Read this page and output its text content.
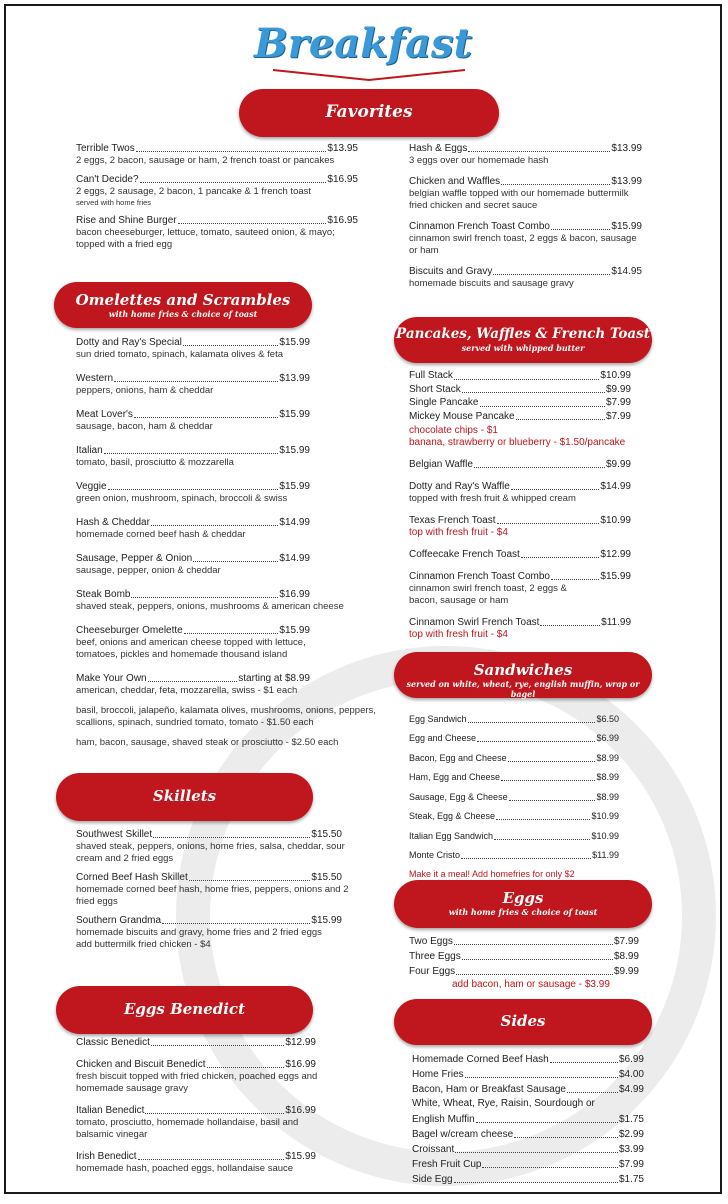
Breakfast
Favorites
Terrible Twos	$13.95
2 eggs, 2 bacon, sausage or ham, 2 french toast or pancakes
Can't Decide?	$16.95
2 eggs, 2 sausage, 2 bacon, 1 pancake & 1 french toast
served with home fries
Rise and Shine Burger	$16.95
bacon cheeseburger, lettuce, tomato, sauteed onion, & mayo; topped with a fried egg
Hash & Eggs	$13.99
3 eggs over our homemade hash
Chicken and Waffles	$13.99
belgian waffle topped with our homemade buttermilk fried chicken and secret sauce
Cinnamon French Toast Combo	$15.99
cinnamon swirl french toast, 2 eggs & bacon, sausage or ham
Biscuits and Gravy	$14.95
homemade biscuits and sausage gravy
Omelettes and Scrambles
with home fries & choice of toast
Dotty and Ray's Special	$15.99
sun dried tomato, spinach, kalamata olives & feta
Western	$13.99
peppers, onions, ham & cheddar
Meat Lover's	$15.99
sausage, bacon, ham & cheddar
Italian	$15.99
tomato, basil, prosciutto & mozzarella
Veggie	$15.99
green onion, mushroom, spinach, broccoli & swiss
Hash & Cheddar	$14.99
homemade corned beef hash & cheddar
Sausage, Pepper & Onion	$14.99
sausage, pepper, onion & cheddar
Steak Bomb	$16.99
shaved steak, peppers, onions, mushrooms & american cheese
Cheeseburger Omelette	$15.99
beef, onions and american cheese topped with lettuce, tomatoes, pickles and homemade thousand island
Make Your Own	starting at $8.99
american, cheddar, feta, mozzarella, swiss - $1 each
basil, broccoli, jalapeño, kalamata olives, mushrooms, onions, peppers, scallions, spinach, sundried tomato, tomato - $1.50 each
ham, bacon, sausage, shaved steak or prosciutto - $2.50 each
Skillets
Southwest Skillet	$15.50
shaved steak, peppers, onions, home fries, salsa, cheddar, sour cream and 2 fried eggs
Corned Beef Hash Skillet	$15.50
homemade corned beef hash, home fries, peppers, onions and 2 fried eggs
Southern Grandma	$15.99
homemade biscuits and gravy, home fries and 2 fried eggs
add buttermilk fried chicken - $4
Eggs Benedict
Classic Benedict	$12.99
Chicken and Biscuit Benedict	$16.99
fresh biscuit topped with fried chicken, poached eggs and homemade sausage gravy
Italian Benedict	$16.99
tomato, prosciutto, homemade hollandaise, basil and balsamic vinegar
Irish Benedict	$15.99
homemade hash, poached eggs, hollandaise sauce
Pancakes, Waffles & French Toast
served with whipped butter
Full Stack	$10.99
Short Stack	$9.99
Single Pancake	$7.99
Mickey Mouse Pancake	$7.99
chocolate chips - $1
banana, strawberry or blueberry - $1.50/pancake
Belgian Waffle	$9.99
Dotty and Ray's Waffle	$14.99
topped with fresh fruit & whipped cream
Texas French Toast	$10.99
top with fresh fruit - $4
Coffeecake French Toast	$12.99
Cinnamon French Toast Combo	$15.99
cinnamon swirl french toast, 2 eggs & bacon, sausage or ham
Cinnamon Swirl French Toast	$11.99
top with fresh fruit - $4
Sandwiches
served on white, wheat, rye, english muffin, wrap or bagel
Egg Sandwich	$6.50
Egg and Cheese	$6.99
Bacon, Egg and Cheese	$8.99
Ham, Egg and Cheese	$8.99
Sausage, Egg & Cheese	$8.99
Steak, Egg & Cheese	$10.99
Italian Egg Sandwich	$10.99
Monte Cristo	$11.99
Make it a meal! Add homefries for only $2
Eggs
with home fries & choice of toast
Two Eggs	$7.99
Three Eggs	$8.99
Four Eggs	$9.99
add bacon, ham or sausage - $3.99
Sides
Homemade Corned Beef Hash	$6.99
Home Fries	$4.00
Bacon, Ham or Breakfast Sausage	$4.99
White, Wheat, Rye, Raisin, Sourdough or
English Muffin	$1.75
Bagel w/cream cheese	$2.99
Croissant	$3.99
Fresh Fruit Cup	$7.99
Side Egg	$1.75
